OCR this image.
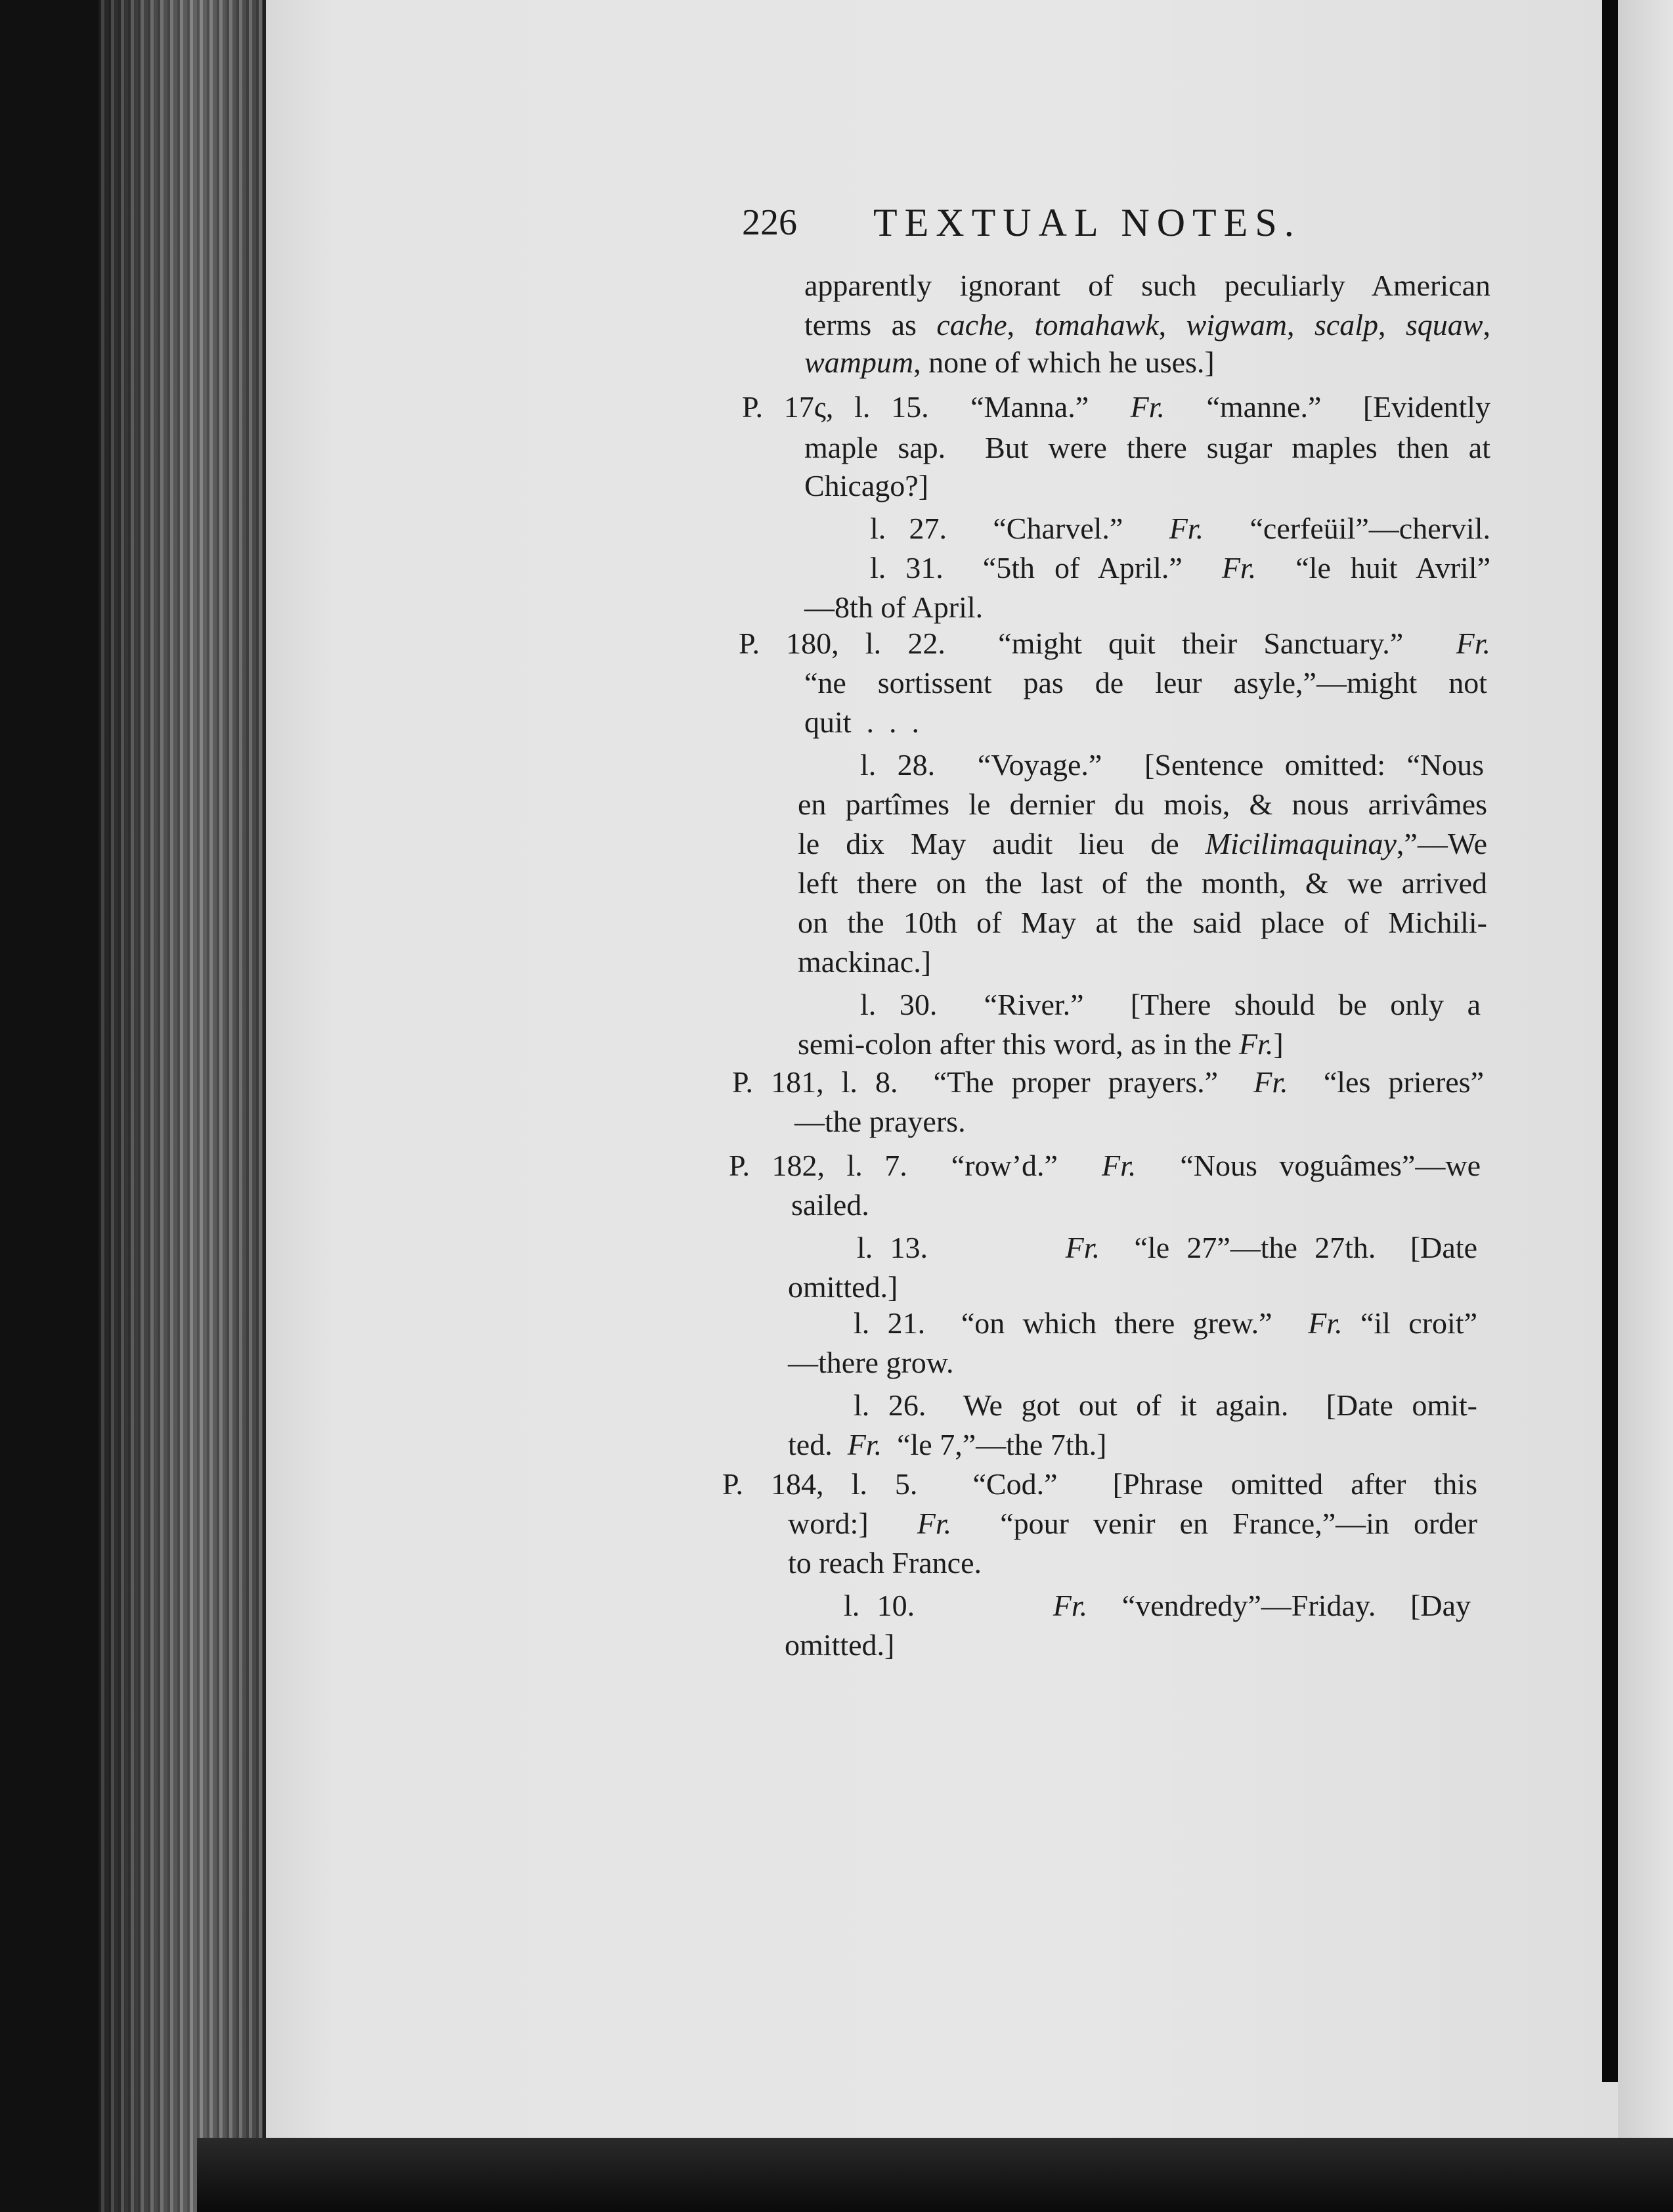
226 TEXTUAL NOTES.
apparently ignorant of such peculiarly American
terms as cache, tomahawk, wigwam, scalp, squaw,
wampum, none of which he uses.]
P. 17ς, l. 15.  “Manna.”  Fr.  “manne.”  [Evidently
maple sap.  But were there sugar maples then at
Chicago?]
l. 27.  “Charvel.”  Fr.  “cerfeüil”—chervil.
l. 31.  “5th of April.”  Fr.  “le huit Avril”
—8th of April.
P. 180, l. 22.  “might quit their Sanctuary.”  Fr.
“ne sortissent pas de leur asyle,”—might not
quit  .  .  .
l. 28.  “Voyage.”  [Sentence omitted: “Nous
en partîmes le dernier du mois, & nous arrivâmes
le dix May audit lieu de Micilimaquinay,”—We
left there on the last of the month, & we arrived
on the 10th of May at the said place of Michili-
mackinac.]
l. 30.  “River.”  [There should be only a
semi-colon after this word, as in the Fr.]
P. 181, l. 8.  “The proper prayers.”  Fr.  “les prieres”
—the prayers.
P. 182, l. 7.  “row’d.”  Fr.  “Nous voguâmes”—we
sailed.
l. 13.        Fr.  “le 27”—the 27th.  [Date
omitted.]
l. 21.  “on which there grew.”  Fr. “il croit”
—there grow.
l. 26.  We got out of it again.  [Date omit-
ted.  Fr.  “le 7,”—the 7th.]
P. 184, l. 5.  “Cod.”  [Phrase omitted after this
word:]  Fr.  “pour venir en France,”—in order
to reach France.
l. 10.        Fr.  “vendredy”—Friday.  [Day
omitted.]
